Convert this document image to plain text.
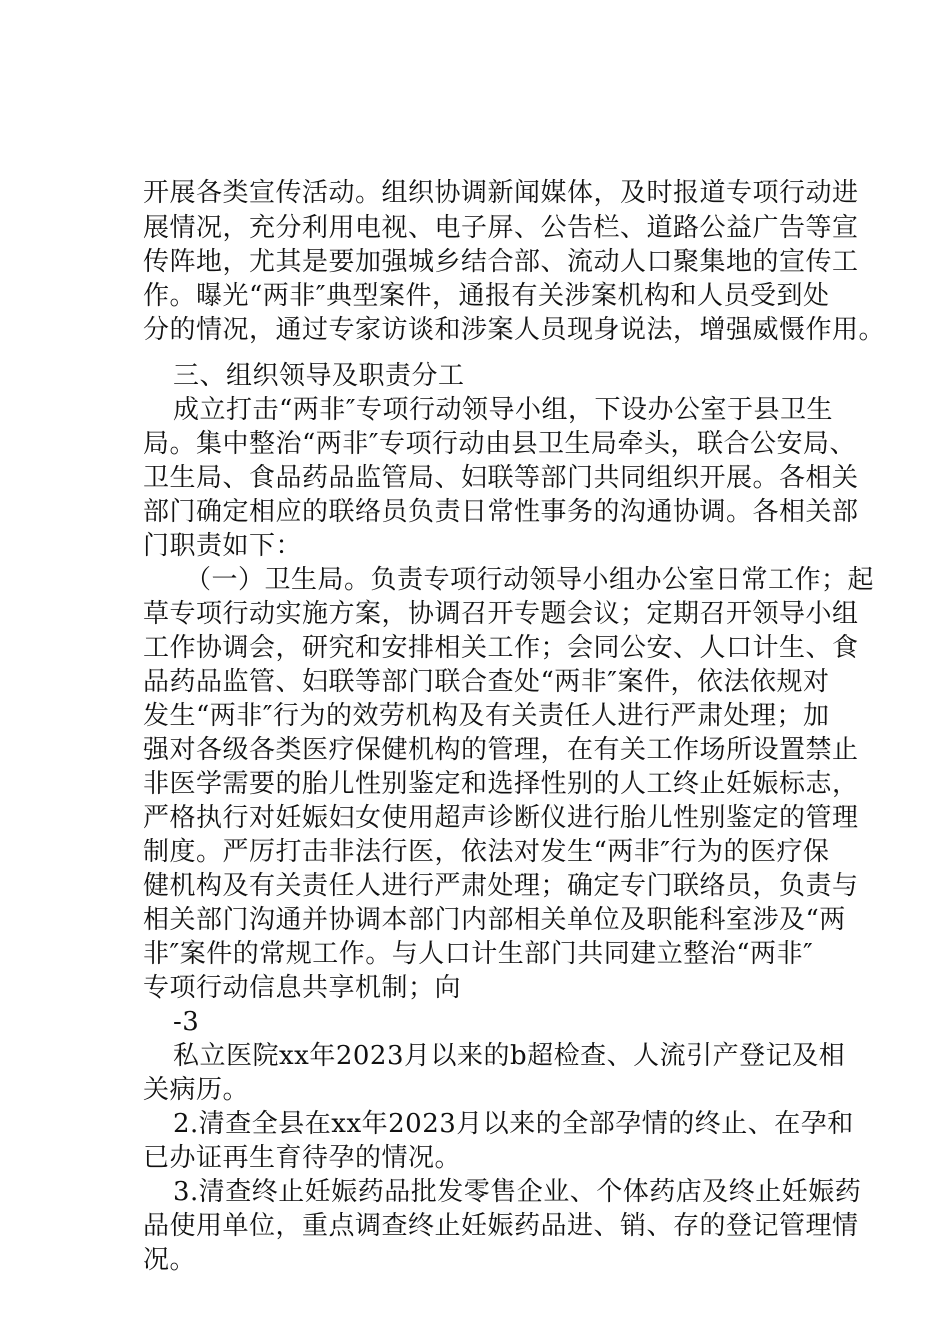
开展各类宣传活动。组织协调新闻媒体，及时报道专项行动进
展情况，充分利用电视、电子屏、公告栏、道路公益广告等宣
传阵地，尤其是要加强城乡结合部、流动人口聚集地的宣传工
作。曝光“两非″典型案件，通报有关涉案机构和人员受到处
分的情况，通过专家访谈和涉案人员现身说法，增强威慑作用。
三、组织领导及职责分工
成立打击“两非″专项行动领导小组，下设办公室于县卫生
局。集中整治“两非″专项行动由县卫生局牵头，联合公安局、
卫生局、食品药品监管局、妇联等部门共同组织开展。各相关
部门确定相应的联络员负责日常性事务的沟通协调。各相关部
门职责如下：
（一）卫生局。负责专项行动领导小组办公室日常工作；起
草专项行动实施方案，协调召开专题会议；定期召开领导小组
工作协调会，研究和安排相关工作；会同公安、人口计生、食
品药品监管、妇联等部门联合查处“两非″案件，依法依规对
发生“两非″行为的效劳机构及有关责任人进行严肃处理；加
强对各级各类医疗保健机构的管理，在有关工作场所设置禁止
非医学需要的胎儿性别鉴定和选择性别的人工终止妊娠标志，
严格执行对妊娠妇女使用超声诊断仪进行胎儿性别鉴定的管理
制度。严厉打击非法行医，依法对发生“两非″行为的医疗保
健机构及有关责任人进行严肃处理；确定专门联络员，负责与
相关部门沟通并协调本部门内部相关单位及职能科室涉及“两
非″案件的常规工作。与人口计生部门共同建立整治“两非″
专项行动信息共享机制；向
-3
私立医院xx年2023月以来的b超检查、人流引产登记及相
关病历。
2.清查全县在xx年2023月以来的全部孕情的终止、在孕和
已办证再生育待孕的情况。
3.清查终止妊娠药品批发零售企业、个体药店及终止妊娠药
品使用单位，重点调查终止妊娠药品进、销、存的登记管理情
况。
